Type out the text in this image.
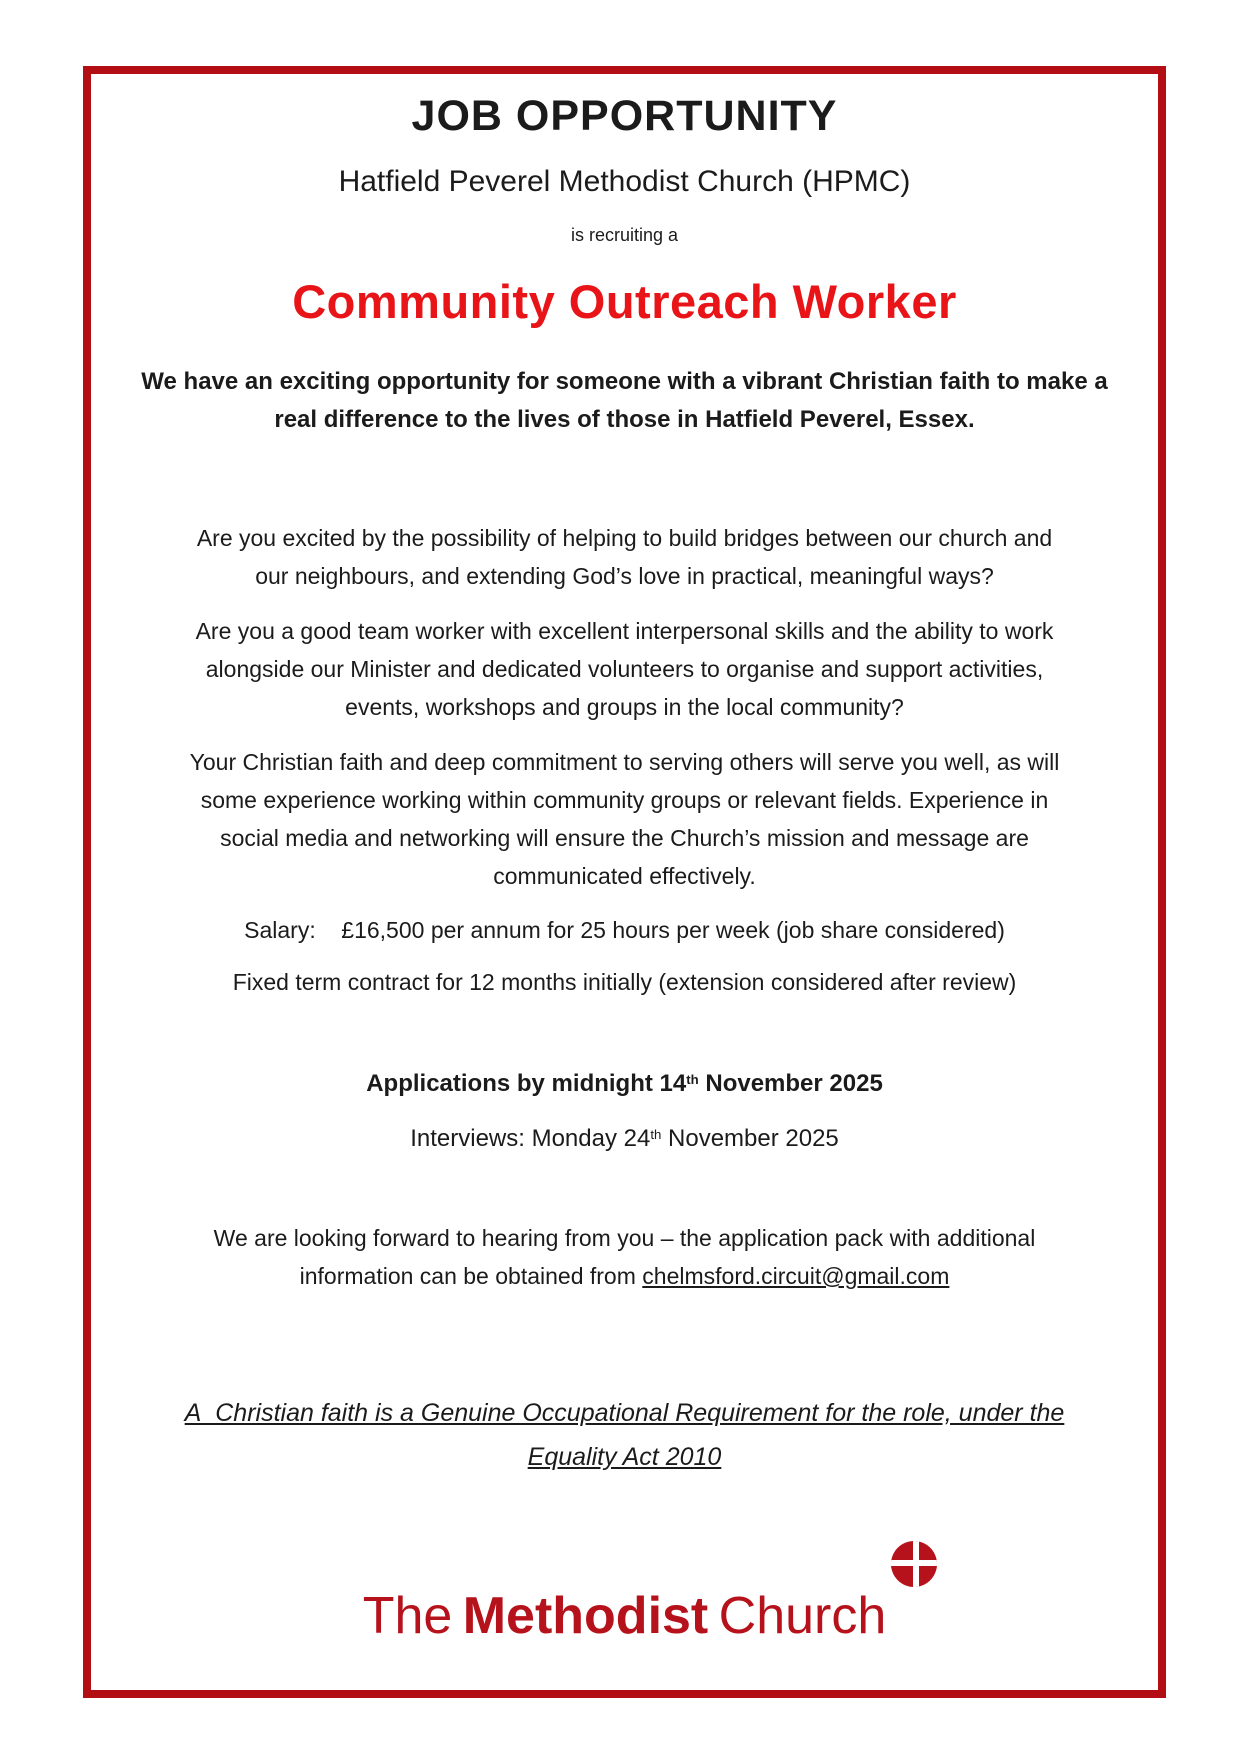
JOB OPPORTUNITY
Hatfield Peverel Methodist Church (HPMC)
is recruiting a
Community Outreach Worker
We have an exciting opportunity for someone with a vibrant Christian faith to make a
real difference to the lives of those in Hatfield Peverel, Essex.
Are you excited by the possibility of helping to build bridges between our church and
our neighbours, and extending God’s love in practical, meaningful ways?
Are you a good team worker with excellent interpersonal skills and the ability to work
alongside our Minister and dedicated volunteers to organise and support activities,
events, workshops and groups in the local community?
Your Christian faith and deep commitment to serving others will serve you well, as will
some experience working within community groups or relevant fields. Experience in
social media and networking will ensure the Church’s mission and message are
communicated effectively.
Salary:    £16,500 per annum for 25 hours per week (job share considered)
Fixed term contract for 12 months initially (extension considered after review)
Applications by midnight 14th November 2025
Interviews: Monday 24th November 2025
We are looking forward to hearing from you – the application pack with additional
information can be obtained from chelmsford.circuit@gmail.com
A  Christian faith is a Genuine Occupational Requirement for the role, under the
Equality Act 2010
The Methodist Church
